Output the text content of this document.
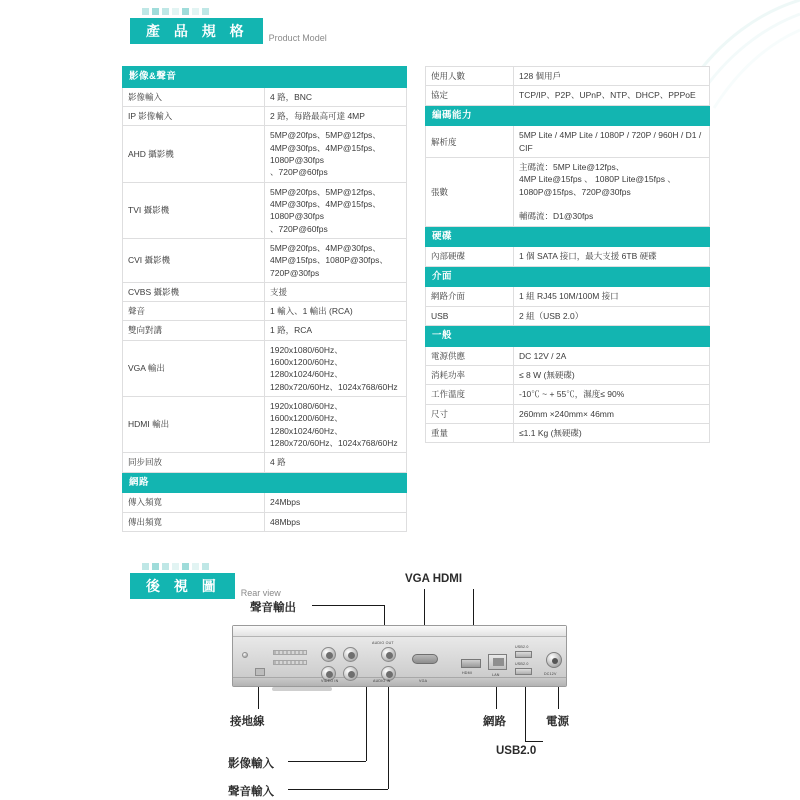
產 品 規 格	Product Model
影像&聲音	
影像輸入	4 路，BNC
IP 影像輸入	2 路，每路最高可達 4MP
AHD 攝影機	5MP@20fps、5MP@12fps、4MP@30fps、4MP@15fps、1080P@30fps
、720P@60fps
TVI 攝影機	5MP@20fps、5MP@12fps、4MP@30fps、4MP@15fps、1080P@30fps
、720P@60fps
CVI 攝影機	5MP@20fps、4MP@30fps、4MP@15fps、1080P@30fps、720P@30fps
CVBS 攝影機	支援
聲音	1 輸入、1 輸出 (RCA)
雙向對講	1 路，RCA
VGA 輸出	1920x1080/60Hz、1600x1200/60Hz、1280x1024/60Hz、1280x720/60Hz、1024x768/60Hz
HDMI 輸出	1920x1080/60Hz、1600x1200/60Hz、1280x1024/60Hz、1280x720/60Hz、1024x768/60Hz
同步回放	4 路
網路	
傳入頻寬	24Mbps
傳出頻寬	48Mbps
使用人數	128 個用戶
協定	TCP/IP、P2P、UPnP、NTP、DHCP、PPPoE
編碼能力	
解析度	5MP Lite / 4MP Lite / 1080P / 720P / 960H / D1 / CIF
張數	主碼流：5MP Lite@12fps、
4MP Lite@15fps 、 1080P Lite@15fps 、
1080P@15fps、720P@30fps

輔碼流：D1@30fps
硬碟	
內部硬碟	1 個 SATA 接口，最大支援 6TB 硬碟
介面	
網路介面	1 組 RJ45 10M/100M 接口
USB	2 組（USB 2.0）
一般	
電源供應	DC 12V / 2A
消耗功率	≤ 8 W (無硬碟)
工作溫度	-10℃ ~ + 55℃，濕度≤ 90%
尺寸	260mm ×240mm× 46mm
重量	≤1.1 Kg (無硬碟)
後 視 圖	Rear view
VGA HDMI
聲音輸出
接地線
影像輸入
聲音輸入
網路	電源
USB2.0
AUDIO OUT
VIDEO IN	AUDIO IN	VGA
HDMI	LAN
USB2.0
USB2.0
DC12V
